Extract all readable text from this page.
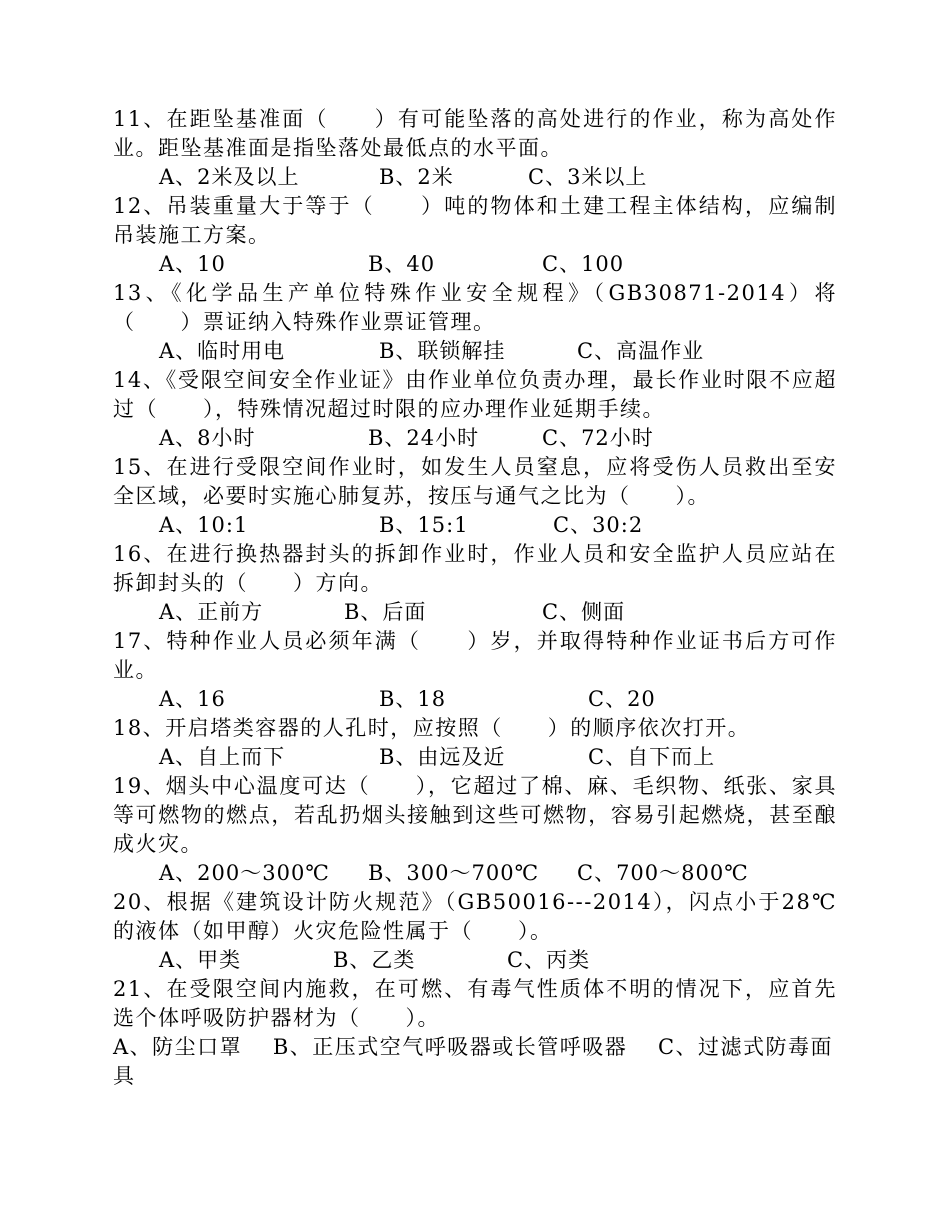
11、在距坠基准面（　　）有可能坠落的高处进行的作业，称为高处作业。距坠基准面是指坠落处最低点的水平面。

A、2米及以上	B、2米	C、3米以上

12、吊装重量大于等于（　　）吨的物体和土建工程主体结构，应编制吊装施工方案。

A、10	B、40	C、100

13、《化学品生产单位特殊作业安全规程》（GB30871-2014）将（　　）票证纳入特殊作业票证管理。

A、临时用电	B、联锁解挂	C、高温作业

14、《受限空间安全作业证》由作业单位负责办理，最长作业时限不应超过（　　），特殊情况超过时限的应办理作业延期手续。

A、8小时	B、24小时	C、72小时

15、在进行受限空间作业时，如发生人员窒息，应将受伤人员救出至安全区域，必要时实施心肺复苏，按压与通气之比为（　　）。

A、10:1	B、15:1	C、30:2

16、在进行换热器封头的拆卸作业时，作业人员和安全监护人员应站在拆卸封头的（　　）方向。

A、正前方	B、后面	C、侧面

17、特种作业人员必须年满（　　）岁，并取得特种作业证书后方可作业。

A、16	B、18	C、20

18、开启塔类容器的人孔时，应按照（　　）的顺序依次打开。

A、自上而下	B、由远及近	C、自下而上

19、烟头中心温度可达（　　），它超过了棉、麻、毛织物、纸张、家具等可燃物的燃点，若乱扔烟头接触到这些可燃物，容易引起燃烧，甚至酿成火灾。

A、200～300℃ B、300～700℃ C、700～800℃

20、根据《建筑设计防火规范》（GB50016---2014），闪点小于28℃的液体（如甲醇）火灾危险性属于（　　）。

A、甲类	B、乙类	C、丙类

21、在受限空间内施救，在可燃、有毒气性质体不明的情况下，应首先选个体呼吸防护器材为（　　）。

A、防尘口罩　 B、正压式空气呼吸器或长管呼吸器　 C、过滤式防毒面具
